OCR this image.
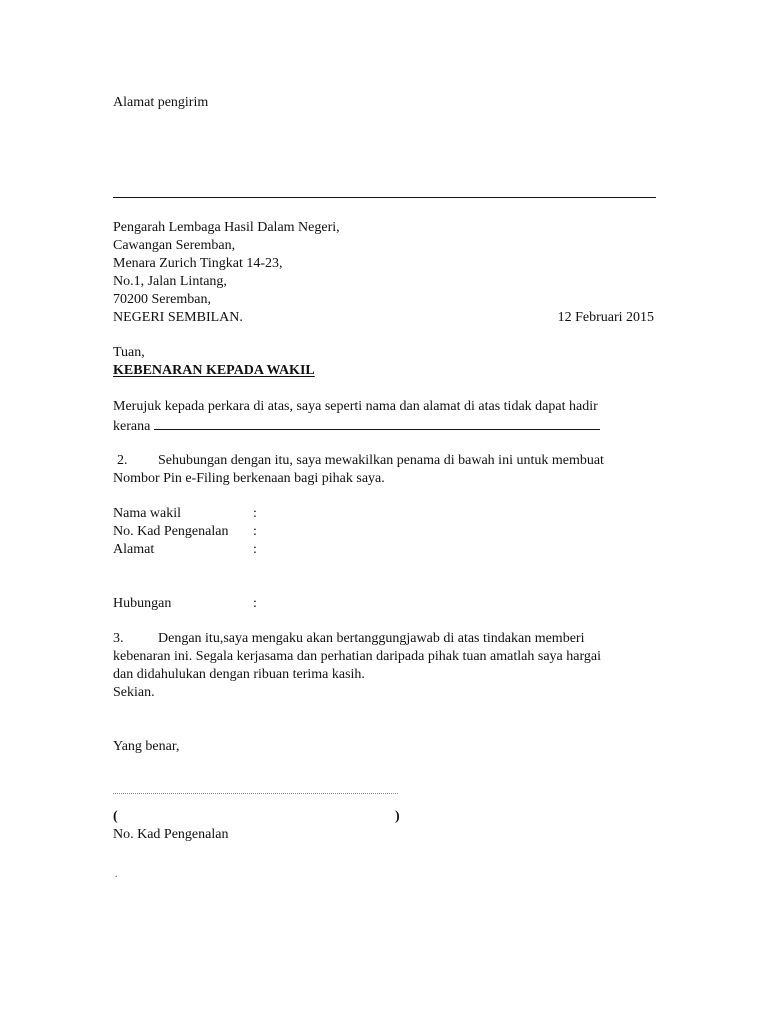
Alamat pengirim
Pengarah Lembaga Hasil Dalam Negeri,
Cawangan Seremban,
Menara Zurich Tingkat 14-23,
No.1, Jalan Lintang,
70200 Seremban,
NEGERI SEMBILAN.	12 Februari 2015
Tuan,
KEBENARAN KEPADA WAKIL
Merujuk kepada perkara di atas, saya seperti nama dan alamat di atas tidak dapat hadir
kerana
2. Sehubungan dengan itu, saya mewakilkan penama di bawah ini untuk membuat
Nombor Pin e-Filing berkenaan bagi pihak saya.
Nama wakil	:
No. Kad Pengenalan :
Alamat	:
Hubungan	:
3. Dengan itu,saya mengaku akan bertanggungjawab di atas tindakan memberi
kebenaran ini. Segala kerjasama dan perhatian daripada pihak tuan amatlah saya hargai
dan didahulukan dengan ribuan terima kasih.
Sekian.
Yang benar,
(	)
No. Kad Pengenalan
.
